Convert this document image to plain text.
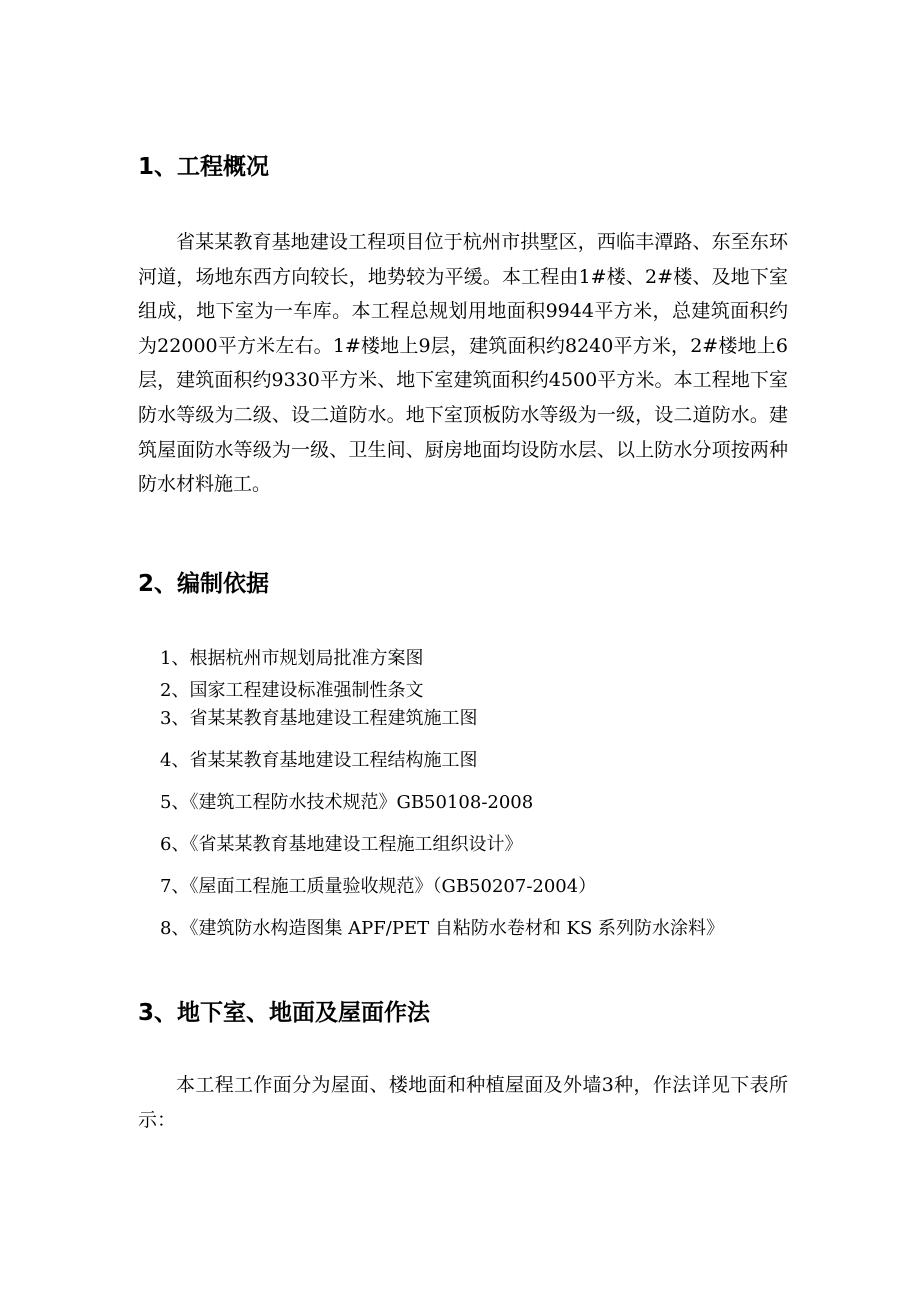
1、工程概况
省某某教育基地建设工程项目位于杭州市拱墅区，西临丰潭路、东至东环河道，场地东西方向较长，地势较为平缓。本工程由1#楼、2#楼、及地下室组成，地下室为一车库。本工程总规划用地面积9944平方米，总建筑面积约为22000平方米左右。1#楼地上9层，建筑面积约8240平方米，2#楼地上6层，建筑面积约9330平方米、地下室建筑面积约4500平方米。本工程地下室防水等级为二级、设二道防水。地下室顶板防水等级为一级，设二道防水。建筑屋面防水等级为一级、卫生间、厨房地面均设防水层、以上防水分项按两种防水材料施工。
2、编制依据
1、根据杭州市规划局批准方案图
2、国家工程建设标准强制性条文
3、省某某教育基地建设工程建筑施工图
4、省某某教育基地建设工程结构施工图
5、《建筑工程防水技术规范》GB50108-2008
6、《省某某教育基地建设工程施工组织设计》
7、《屋面工程施工质量验收规范》（GB50207-2004）
8、《建筑防水构造图集 APF/PET 自粘防水卷材和 KS 系列防水涂料》
3、地下室、地面及屋面作法
本工程工作面分为屋面、楼地面和种植屋面及外墙3种，作法详见下表所示：
